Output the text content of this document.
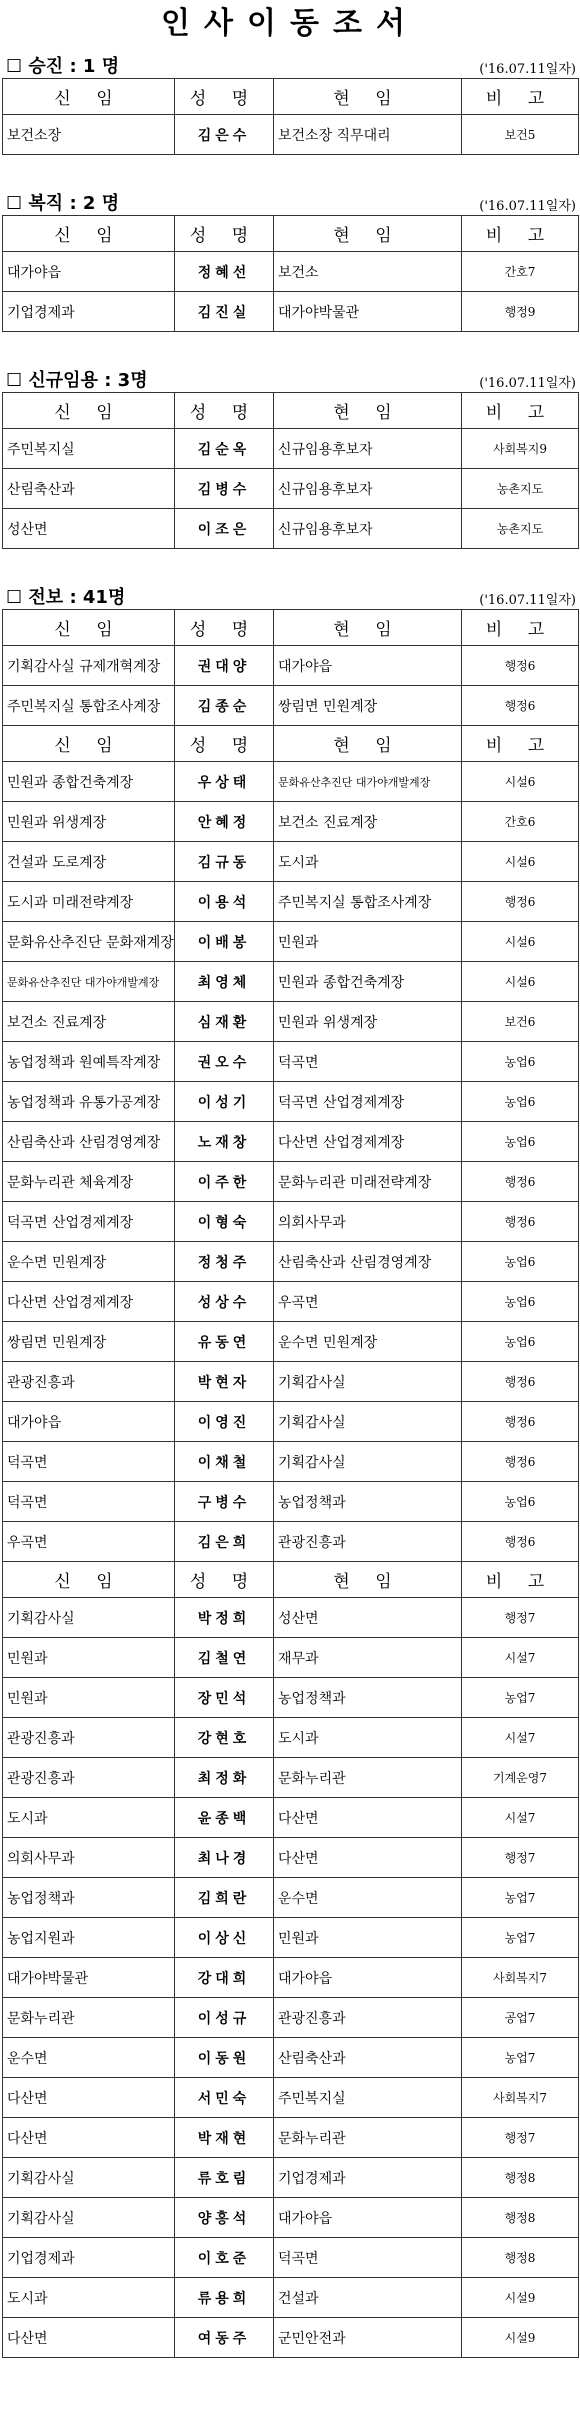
인사이동조서
☐ 승진 : 1 명	('16.07.11일자)
신 임	성 명	현 임	비 고
보건소장	김은수	보건소장 직무대리	보건5
☐ 복직 : 2 명	('16.07.11일자)
신 임	성 명	현 임	비 고
대가야읍	정혜선	보건소	간호7
기업경제과	김진실	대가야박물관	행정9
☐ 신규임용 : 3명	('16.07.11일자)
신 임	성 명	현 임	비 고
주민복지실	김순옥	신규임용후보자	사회복지9
산림축산과	김병수	신규임용후보자	농촌지도
성산면	이조은	신규임용후보자	농촌지도
☐ 전보 : 41명	('16.07.11일자)
신 임	성 명	현 임	비 고
기획감사실 규제개혁계장	권대양	대가야읍	행정6
주민복지실 통합조사계장	김종순	쌍림면 민원계장	행정6
신 임	성 명	현 임	비 고
민원과 종합건축계장	우상태	문화유산추진단 대가야개발계장	시설6
민원과 위생계장	안혜정	보건소 진료계장	간호6
건설과 도로계장	김규동	도시과	시설6
도시과 미래전략계장	이용석	주민복지실 통합조사계장	행정6
문화유산추진단 문화재계장	이배봉	민원과	시설6
문화유산추진단 대가야개발계장	최영체	민원과 종합건축계장	시설6
보건소 진료계장	심재환	민원과 위생계장	보건6
농업정책과 원예특작계장	권오수	덕곡면	농업6
농업정책과 유통가공계장	이성기	덕곡면 산업경제계장	농업6
산림축산과 산림경영계장	노재창	다산면 산업경제계장	농업6
문화누리관 체육계장	이주한	문화누리관 미래전략계장	행정6
덕곡면 산업경제계장	이형숙	의회사무과	행정6
운수면 민원계장	정청주	산림축산과 산림경영계장	농업6
다산면 산업경제계장	성상수	우곡면	농업6
쌍림면 민원계장	유동연	운수면 민원계장	농업6
관광진흥과	박현자	기획감사실	행정6
대가야읍	이영진	기획감사실	행정6
덕곡면	이채철	기획감사실	행정6
덕곡면	구병수	농업정책과	농업6
우곡면	김은희	관광진흥과	행정6
신 임	성 명	현 임	비 고
기획감사실	박정희	성산면	행정7
민원과	김철연	재무과	시설7
민원과	장민석	농업정책과	농업7
관광진흥과	강현호	도시과	시설7
관광진흥과	최정화	문화누리관	기계운영7
도시과	윤종백	다산면	시설7
의회사무과	최나경	다산면	행정7
농업정책과	김희란	운수면	농업7
농업지원과	이상신	민원과	농업7
대가야박물관	강대희	대가야읍	사회복지7
문화누리관	이성규	관광진흥과	공업7
운수면	이동원	산림축산과	농업7
다산면	서민숙	주민복지실	사회복지7
다산면	박재현	문화누리관	행정7
기획감사실	류호림	기업경제과	행정8
기획감사실	양홍석	대가야읍	행정8
기업경제과	이호준	덕곡면	행정8
도시과	류용희	건설과	시설9
다산면	여동주	군민안전과	시설9
